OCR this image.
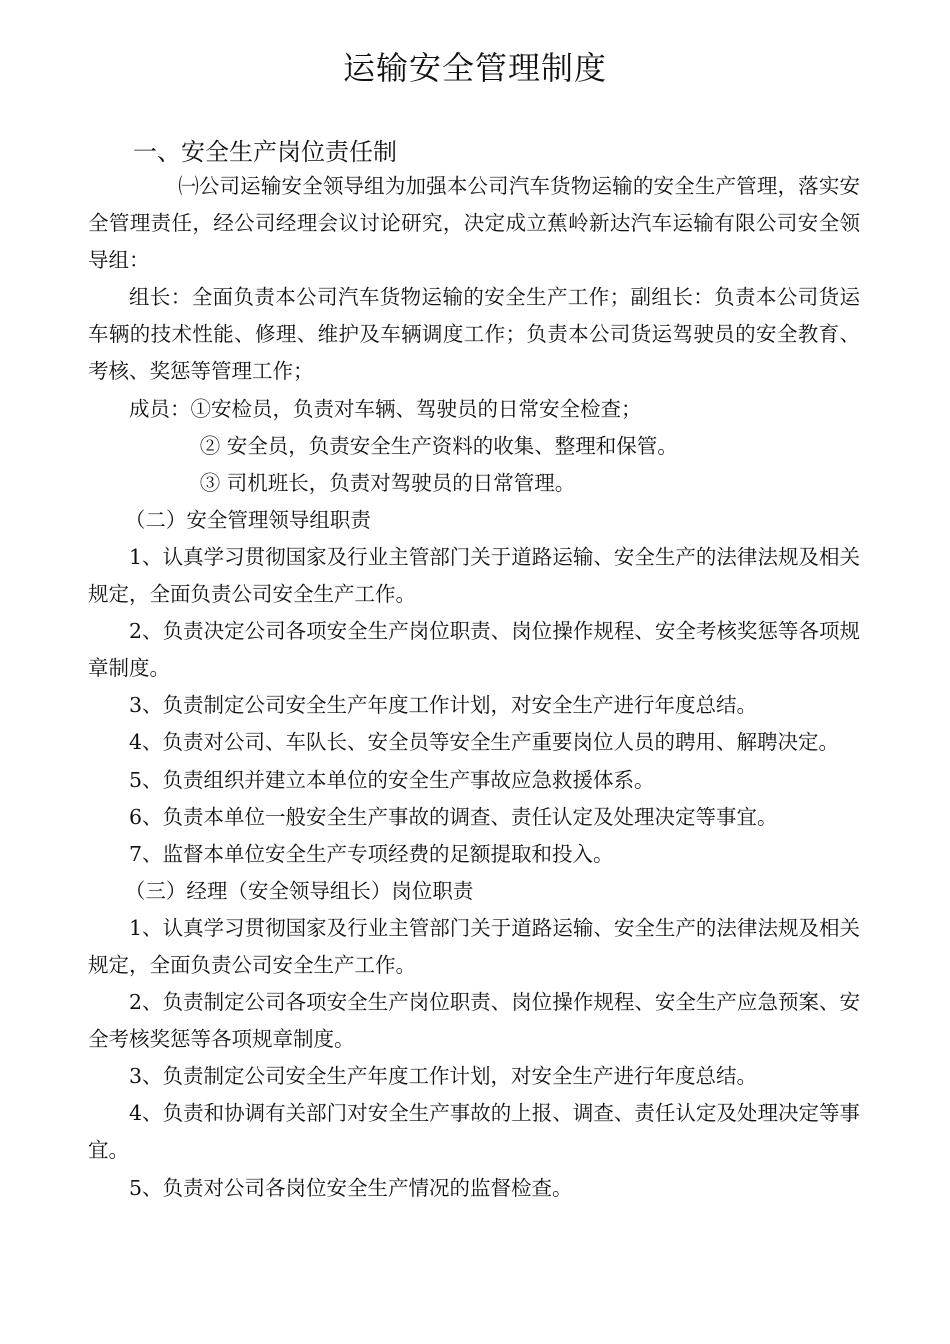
运输安全管理制度
一、安全生产岗位责任制

㈠公司运输安全领导组为加强本公司汽车货物运输的安全生产管理，落实安全管理责任，经公司经理会议讨论研究，决定成立蕉岭新达汽车运输有限公司安全领导组：

组长：全面负责本公司汽车货物运输的安全生产工作；副组长：负责本公司货运车辆的技术性能、修理、维护及车辆调度工作；负责本公司货运驾驶员的安全教育、考核、奖惩等管理工作；

成员：①安检员，负责对车辆、驾驶员的日常安全检查；

② 安全员，负责安全生产资料的收集、整理和保管。

③ 司机班长，负责对驾驶员的日常管理。

（二）安全管理领导组职责

1、认真学习贯彻国家及行业主管部门关于道路运输、安全生产的法律法规及相关规定，全面负责公司安全生产工作。

2、负责决定公司各项安全生产岗位职责、岗位操作规程、安全考核奖惩等各项规章制度。

3、负责制定公司安全生产年度工作计划，对安全生产进行年度总结。

4、负责对公司、车队长、安全员等安全生产重要岗位人员的聘用、解聘决定。

5、负责组织并建立本单位的安全生产事故应急救援体系。

6、负责本单位一般安全生产事故的调查、责任认定及处理决定等事宜。

7、监督本单位安全生产专项经费的足额提取和投入。

（三）经理（安全领导组长）岗位职责

1、认真学习贯彻国家及行业主管部门关于道路运输、安全生产的法律法规及相关规定，全面负责公司安全生产工作。

2、负责制定公司各项安全生产岗位职责、岗位操作规程、安全生产应急预案、安全考核奖惩等各项规章制度。

3、负责制定公司安全生产年度工作计划，对安全生产进行年度总结。

4、负责和协调有关部门对安全生产事故的上报、调查、责任认定及处理决定等事宜。

5、负责对公司各岗位安全生产情况的监督检查。
